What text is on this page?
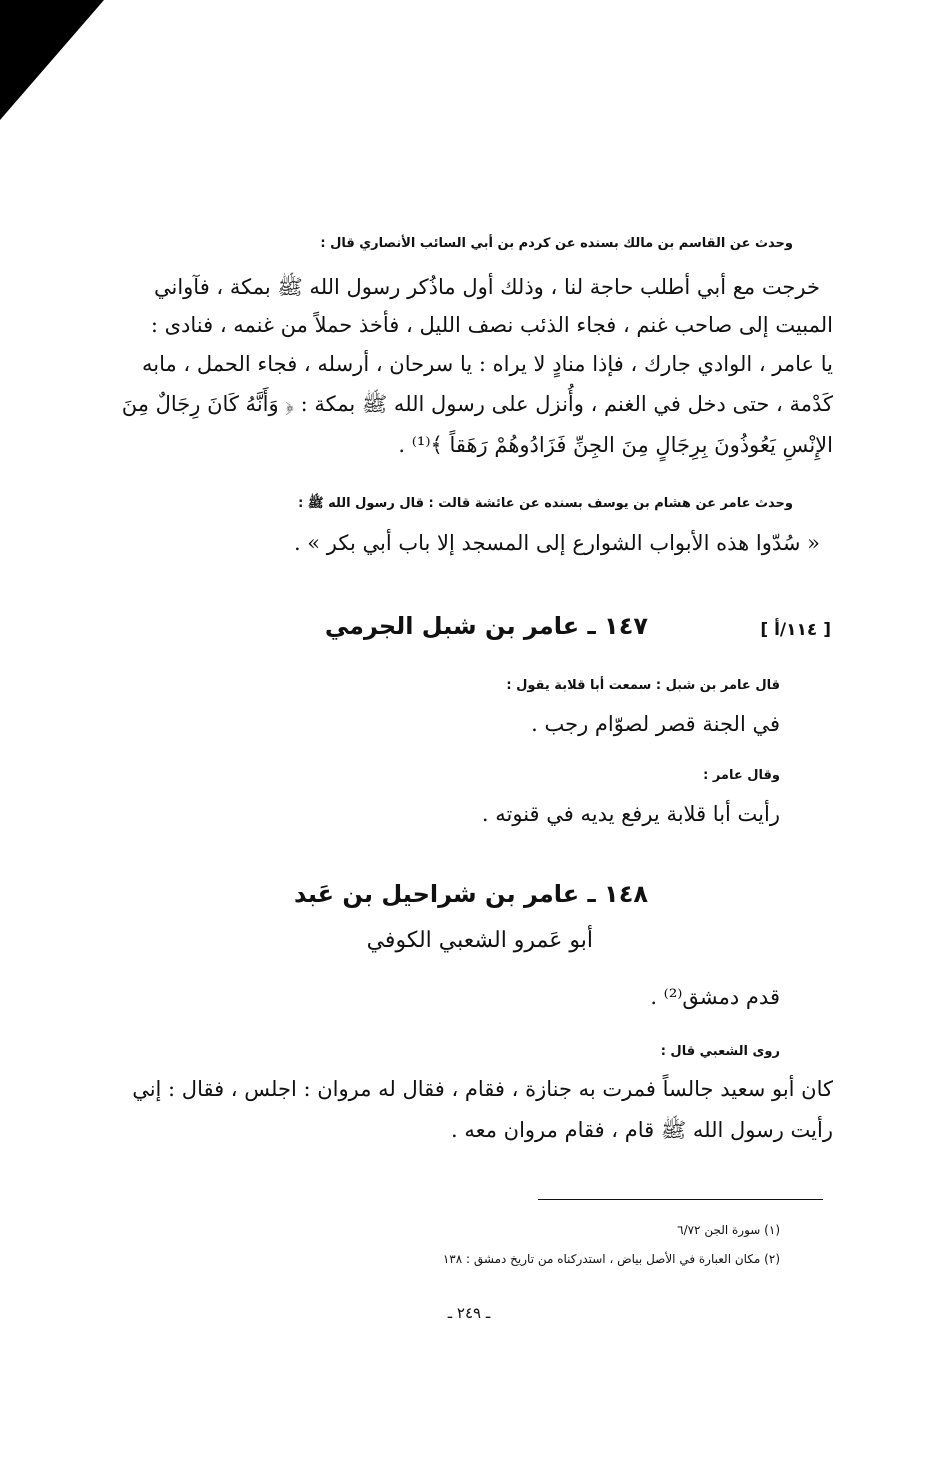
وحدث عن القاسم بن مالك بسنده عن كردم بن أبي السائب الأنصاري قال :
خرجت مع أبي أطلب حاجة لنا ، وذلك أول ماذُكر رسول الله ﷺ بمكة ، فآواني
المبيت إلى صاحب غنم ، فجاء الذئب نصف الليل ، فأخذ حملاً من غنمه ، فنادى :
يا عامر ، الوادي جارك ، فإذا منادٍ لا يراه : يا سرحان ، أرسله ، فجاء الحمل ، مابه
كَدْمة ، حتى دخل في الغنم ، وأُنزل على رسول الله ﷺ بمكة : ﴿ وَأَنَّهُ كَانَ رِجَالٌ مِنَ
الإِنْسِ يَعُوذُونَ بِرِجَالٍ مِنَ الجِنِّ فَزَادُوهُمْ رَهَقاً ﴾⁽¹⁾ .
وحدث عامر عن هشام بن يوسف بسنده عن عائشة قالت : قال رسول الله ﷺ :
« سُدّوا هذه الأبواب الشوارع إلى المسجد إلا باب أبي بكر » .
[ ١١٤/أ ]
١٤٧ ـ عامر بن شبل الجرمي
قال عامر بن شبل : سمعت أبا قلابة يقول :
في الجنة قصر لصوّام رجب .
وقال عامر :
رأيت أبا قلابة يرفع يديه في قنوته .
١٤٨ ـ عامر بن شراحيل بن عَبد
أبو عَمرو الشعبي الكوفي
قدم دمشق⁽²⁾ .
روى الشعبي قال :
كان أبو سعيد جالساً فمرت به جنازة ، فقام ، فقال له مروان : اجلس ، فقال : إني
رأيت رسول الله ﷺ قام ، فقام مروان معه .
(١) سورة الجن ٦/٧٢
(٢) مكان العبارة في الأصل بياض ، استدركناه من تاريخ دمشق : ١٣٨
ـ ٢٤٩ ـ
